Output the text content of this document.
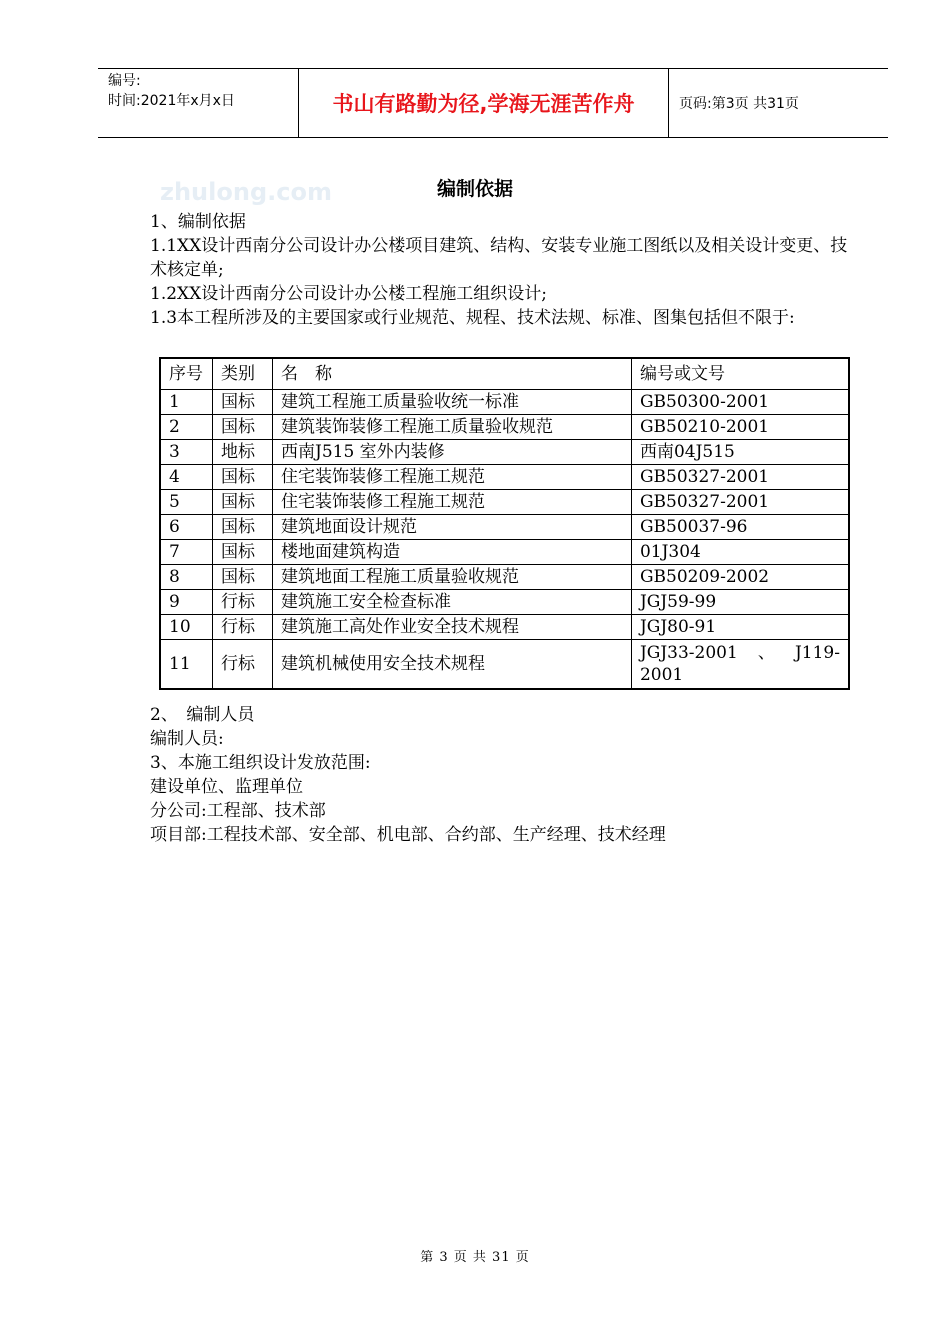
编号:
时间:2021年x月x日	书山有路勤为径,学海无涯苦作舟	页码:第3页 共31页
zhulong.com	编制依据

1、编制依据

1.1XX设计西南分公司设计办公楼项目建筑、结构、安装专业施工图纸以及相关设计变更、技术核定单;

1.2XX设计西南分公司设计办公楼工程施工组织设计;

1.3本工程所涉及的主要国家或行业规范、规程、技术法规、标准、图集包括但不限于:

序号	类别	名　称	编号或文号
1	国标	建筑工程施工质量验收统一标准	GB50300-2001
2	国标	建筑装饰装修工程施工质量验收规范	GB50210-2001
3	地标	西南J515 室外内装修	西南04J515
4	国标	住宅装饰装修工程施工规范	GB50327-2001
5	国标	住宅装饰装修工程施工规范	GB50327-2001
6	国标	建筑地面设计规范	GB50037-96
7	国标	楼地面建筑构造	01J304
8	国标	建筑地面工程施工质量验收规范	GB50209-2002
9	行标	建筑施工安全检查标准	JGJ59-99
10	行标	建筑施工高处作业安全技术规程	JGJ80-91
11	行标	建筑机械使用安全技术规程	JGJ33-2001 、 J119-
2001

2、　编制人员

编制人员:

3、本施工组织设计发放范围:

建设单位、监理单位

分公司:工程部、技术部

项目部:工程技术部、安全部、机电部、合约部、生产经理、技术经理

第 3 页 共 31 页
